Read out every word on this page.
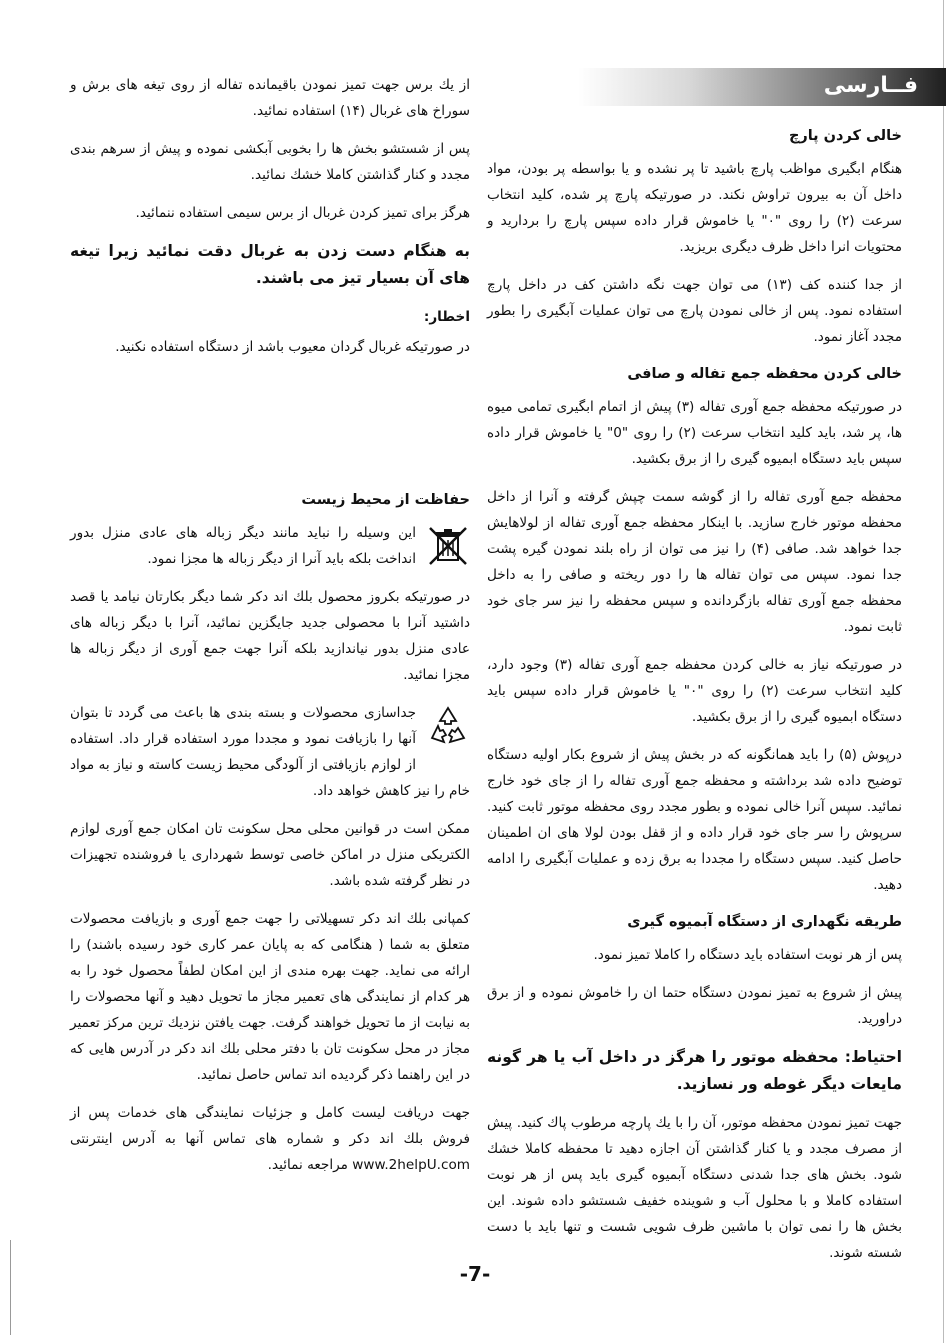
فــارسی
خالی کردن پارچ

هنگام ابگیری مواظب پارچ باشید تا پر نشده و یا بواسطه پر بودن، مواد داخل آن به بیرون تراوش نکند. در صورتیکه پارچ پر شده، کلید انتخاب سرعت (۲) را روی "۰" یا خاموش قرار داده سپس پارچ را بردارید و محتویات انرا داخل ظرف دیگری بریزید.

از جدا کننده کف (۱۳) می توان جهت نگه داشتن کف در داخل پارچ استفاده نمود. پس از خالی نمودن پارچ می توان عملیات آبگیری را بطور مجدد آغاز نمود.

خالی کردن محفظه جمع تفاله و صافی

در صورتیکه محفظه جمع آوری تفاله (۳) پیش از اتمام ابگیری تمامی میوه ها، پر شد، باید کلید انتخاب سرعت (۲) را روی "0" یا خاموش قرار داده سپس باید دستگاه ابمیوه گیری را از برق بکشید.

محفظه جمع آوری تفاله را از گوشه سمت چپش گرفته و آنرا از داخل محفظه موتور خارج سازید. با اینکار محفظه جمع آوری تفاله از لولاهایش جدا خواهد شد. صافی (۴) را نیز می توان از راه بلند نمودن گیره پشت جدا نمود. سپس می توان تفاله ها را دور ریخته و صافی را به داخل محفظه جمع آوری تفاله بازگردانده و سپس محفظه را نیز سر جای خود ثابت نمود.

در صورتیکه نیاز به خالی کردن محفظه جمع آوری تفاله (۳) وجود دارد، کلید انتخاب سرعت (۲) را روی "۰" یا خاموش قرار داده سپس باید دستگاه ابمیوه گیری را از برق بکشید.

درپوش (۵) را باید همانگونه که در بخش پیش از شروع بکار اولیه دستگاه توضیح داده شد برداشته و محفظه جمع آوری تفاله را از جای خود خارج نمائید. سپس آنرا خالی نموده و بطور مجدد روی محفظه موتور ثابت کنید. سرپوش را سر جای خود قرار داده و از قفل بودن لولا های ان اطمینان حاصل کنید. سپس دستگاه را مجددا به برق زده و عملیات آبگیری را ادامه دهید.

طریقه نگهداری از دستگاه آبمیوه گیری

پس از هر نوبت استفاده باید دستگاه را کاملا تمیز نمود.

پیش از شروع به تمیز نمودن دستگاه حتما ان را خاموش نموده و از برق دراورید.

احتیاط: محفظه موتور را هرگز در داخل آب یا هر گونه مایعات دیگر غوطه ور نسازید.

جهت تمیز نمودن محفظه موتور، آن را با یك پارچه مرطوب پاك کنید. پیش از مصرف مجدد و یا کنار گذاشتن آن اجازه دهید تا محفظه کاملا خشك شود. بخش های جدا شدنی دستگاه آبمیوه گیری باید پس از هر نوبت استفاده کاملا و با محلول آب و شوینده خفیف شستشو داده شوند. این بخش ها را نمی توان با ماشین ظرف شویی شست و تنها باید با دست شسته شوند.

از یك برس جهت تمیز نمودن باقیمانده تفاله از روی تیغه های برش و سوراخ های غربال (۱۴) استفاده نمائید.

پس از شستشو بخش ها را بخوبی آبکشی نموده و پیش از سرهم بندی مجدد و کنار گذاشتن کاملا خشك نمائید.

هرگز برای تمیز کردن غربال از برس سیمی استفاده ننمائید.

به هنگام دست زدن به غربال دقت نمائید زیرا تیغه های آن بسیار تیز می باشند.

اخطار:

در صورتیکه غربال گردان معیوب باشد از دستگاه استفاده نکنید.

حفاظت از محیط زیست

این وسیله را نباید مانند دیگر زباله های عادی منزل بدور انداخت بلکه باید آنرا از دیگر زباله ها مجزا نمود.

در صورتیکه بکروز محصول بلك اند دکر شما دیگر بکارتان نیامد یا قصد داشتید آنرا با محصولی جدید جایگزین نمائید، آنرا با دیگر زباله های عادی منزل بدور نیاندازید بلکه آنرا جهت جمع آوری از دیگر زباله ها مجزا نمائید.

جداسازی محصولات و بسته بندی ها باعث می گردد تا بتوان آنها را بازیافت نمود و مجددا مورد استفاده قرار داد. استفاده از لوازم بازیافتی از آلودگی محیط زیست کاسته و نیاز به مواد خام را نیز کاهش خواهد داد.

ممکن است در قوانین محلی محل سکونت تان امکان جمع آوری لوازم الکتریکی منزل در اماکن خاصی توسط شهرداری یا فروشنده تجهیزات در نظر گرفته شده باشد.

کمپانی بلك اند دکر تسهیلاتی را جهت جمع آوری و بازیافت محصولات متعلق به شما ( هنگامی که به پایان عمر کاری خود رسیده باشند) را ارائه می نماید. جهت بهره مندی از این امکان لطفاً محصول خود را به هر کدام از نمایندگی های تعمیر مجاز ما تحویل دهید و آنها محصولات را به نیابت از ما تحویل خواهند گرفت. جهت یافتن نزدیك ترین مرکز تعمیر مجاز در محل سکونت تان با دفتر محلی بلك اند دکر در آدرس هایی که در این راهنما ذکر گردیده اند تماس حاصل نمائید.

جهت دریافت لیست کامل و جزئیات نمایندگی های خدمات پس از فروش بلك اند دکر و شماره های تماس آنها به آدرس اینترنتی www.2helpU.com مراجعه نمائید.

-7-
